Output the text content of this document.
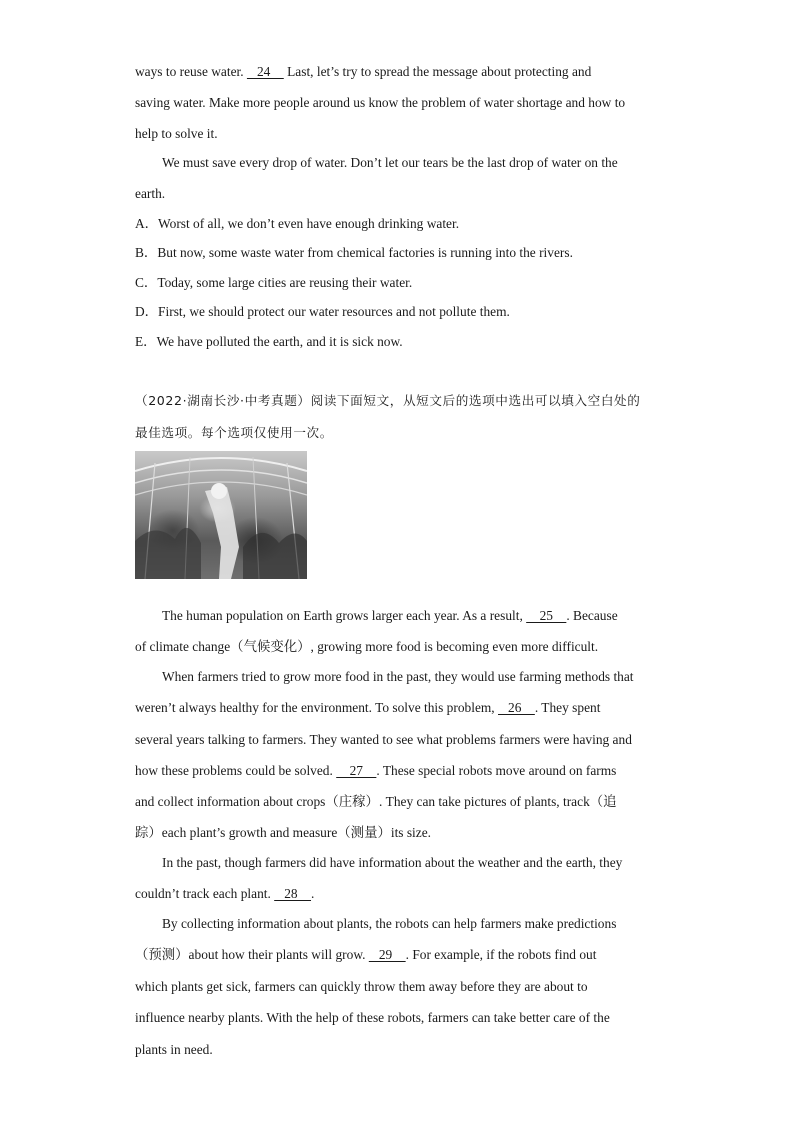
ways to reuse water.    24     Last, let’s try to spread the message about protecting and
saving water. Make more people around us know the problem of water shortage and how to
help to solve it.
We must save every drop of water. Don’t let our tears be the last drop of water on the
earth.
A．Worst of all, we don’t even have enough drinking water.
B．But now, some waste water from chemical factories is running into the rivers.
C．Today, some large cities are reusing their water.
D．First, we should protect our water resources and not pollute them.
E．We have polluted the earth, and it is sick now.
（2022·湖南长沙·中考真题）阅读下面短文，从短文后的选项中选出可以填入空白处的
最佳选项。每个选项仅使用一次。
The human population on Earth grows larger each year. As a result,     25    . Because
of climate change（气候变化）, growing more food is becoming even more difficult.
When farmers tried to grow more food in the past, they would use farming methods that
weren’t always healthy for the environment. To solve this problem,    26    . They spent
several years talking to farmers. They wanted to see what problems farmers were having and
how these problems could be solved.     27    . These special robots move around on farms
and collect information about crops（庄稼）. They can take pictures of plants, track（追
踪）each plant’s growth and measure（测量）its size.
In the past, though farmers did have information about the weather and the earth, they
couldn’t track each plant.    28    .
By collecting information about plants, the robots can help farmers make predictions
（预测）about how their plants will grow.    29    . For example, if the robots find out
which plants get sick, farmers can quickly throw them away before they are about to
influence nearby plants. With the help of these robots, farmers can take better care of the
plants in need.
